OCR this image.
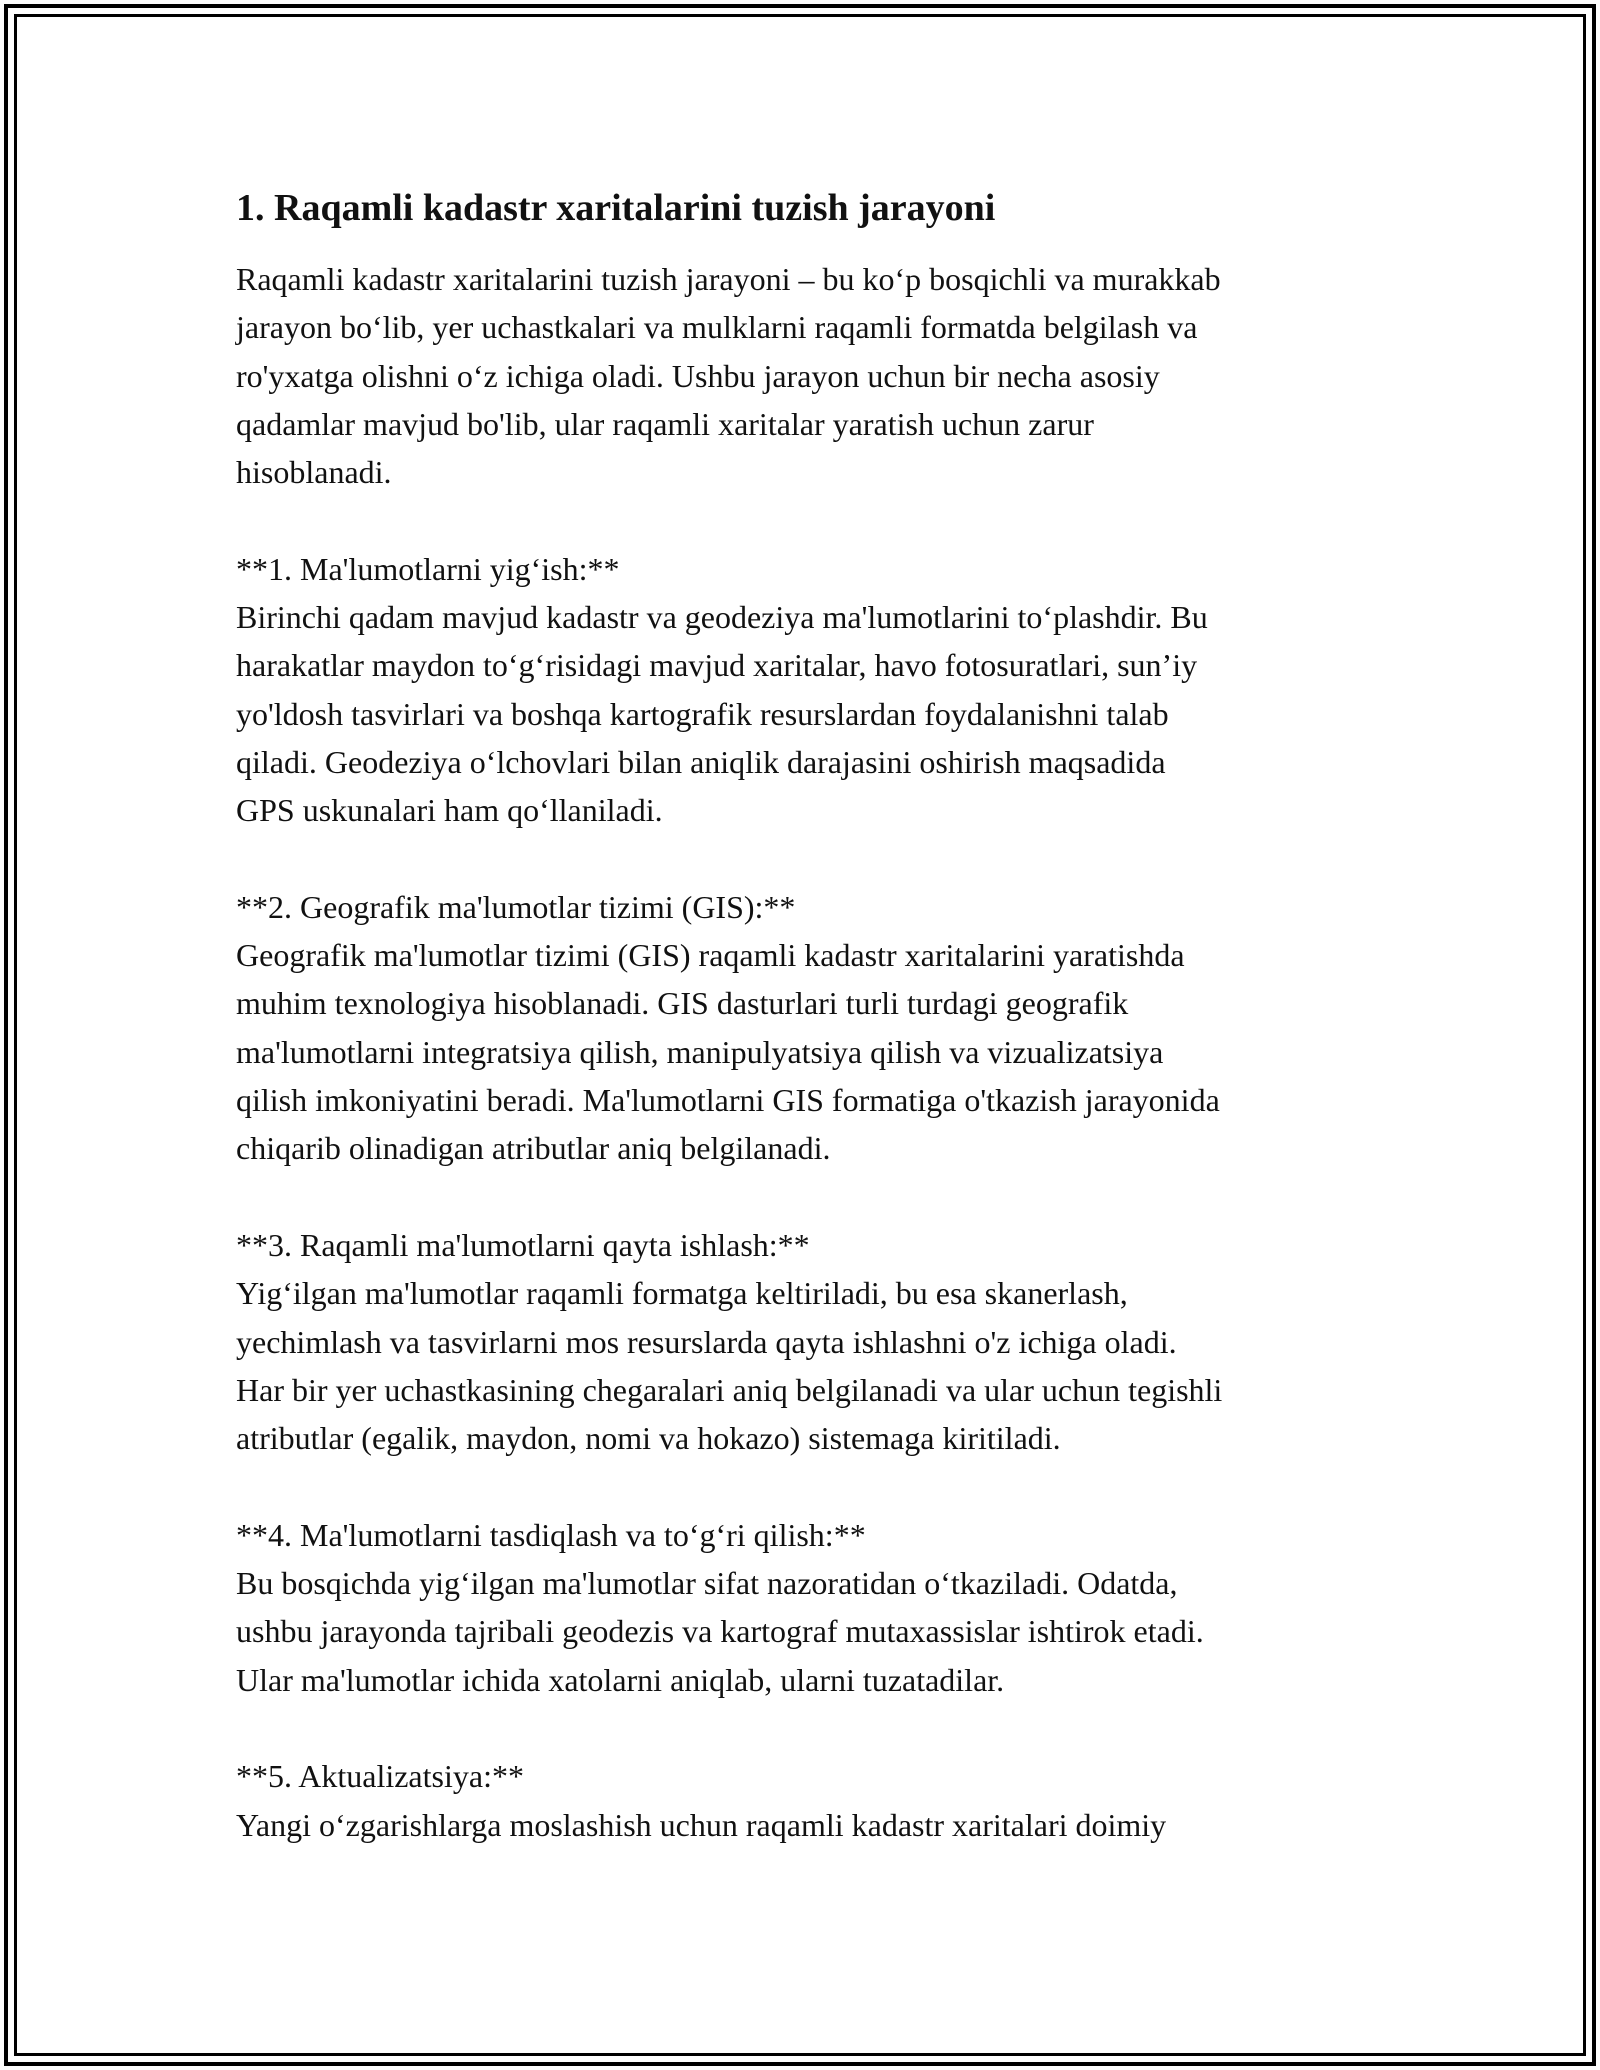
1. Raqamli kadastr xaritalarini tuzish jarayoni
Raqamli kadastr xaritalarini tuzish jarayoni – bu ko‘p bosqichli va murakkab
jarayon bo‘lib, yer uchastkalari va mulklarni raqamli formatda belgilash va
ro'yxatga olishni o‘z ichiga oladi. Ushbu jarayon uchun bir necha asosiy
qadamlar mavjud bo'lib, ular raqamli xaritalar yaratish uchun zarur
hisoblanadi.
**1. Ma'lumotlarni yig‘ish:**
Birinchi qadam mavjud kadastr va geodeziya ma'lumotlarini to‘plashdir. Bu
harakatlar maydon to‘g‘risidagi mavjud xaritalar, havo fotosuratlari, sun’iy
yo'ldosh tasvirlari va boshqa kartografik resurslardan foydalanishni talab
qiladi. Geodeziya o‘lchovlari bilan aniqlik darajasini oshirish maqsadida
GPS uskunalari ham qo‘llaniladi.
**2. Geografik ma'lumotlar tizimi (GIS):**
Geografik ma'lumotlar tizimi (GIS) raqamli kadastr xaritalarini yaratishda
muhim texnologiya hisoblanadi. GIS dasturlari turli turdagi geografik
ma'lumotlarni integratsiya qilish, manipulyatsiya qilish va vizualizatsiya
qilish imkoniyatini beradi. Ma'lumotlarni GIS formatiga o'tkazish jarayonida
chiqarib olinadigan atributlar aniq belgilanadi.
**3. Raqamli ma'lumotlarni qayta ishlash:**
Yig‘ilgan ma'lumotlar raqamli formatga keltiriladi, bu esa skanerlash,
yechimlash va tasvirlarni mos resurslarda qayta ishlashni o'z ichiga oladi.
Har bir yer uchastkasining chegaralari aniq belgilanadi va ular uchun tegishli
atributlar (egalik, maydon, nomi va hokazo) sistemaga kiritiladi.
**4. Ma'lumotlarni tasdiqlash va to‘g‘ri qilish:**
Bu bosqichda yig‘ilgan ma'lumotlar sifat nazoratidan o‘tkaziladi. Odatda,
ushbu jarayonda tajribali geodezis va kartograf mutaxassislar ishtirok etadi.
Ular ma'lumotlar ichida xatolarni aniqlab, ularni tuzatadilar.
**5. Aktualizatsiya:**
Yangi o‘zgarishlarga moslashish uchun raqamli kadastr xaritalari doimiy
